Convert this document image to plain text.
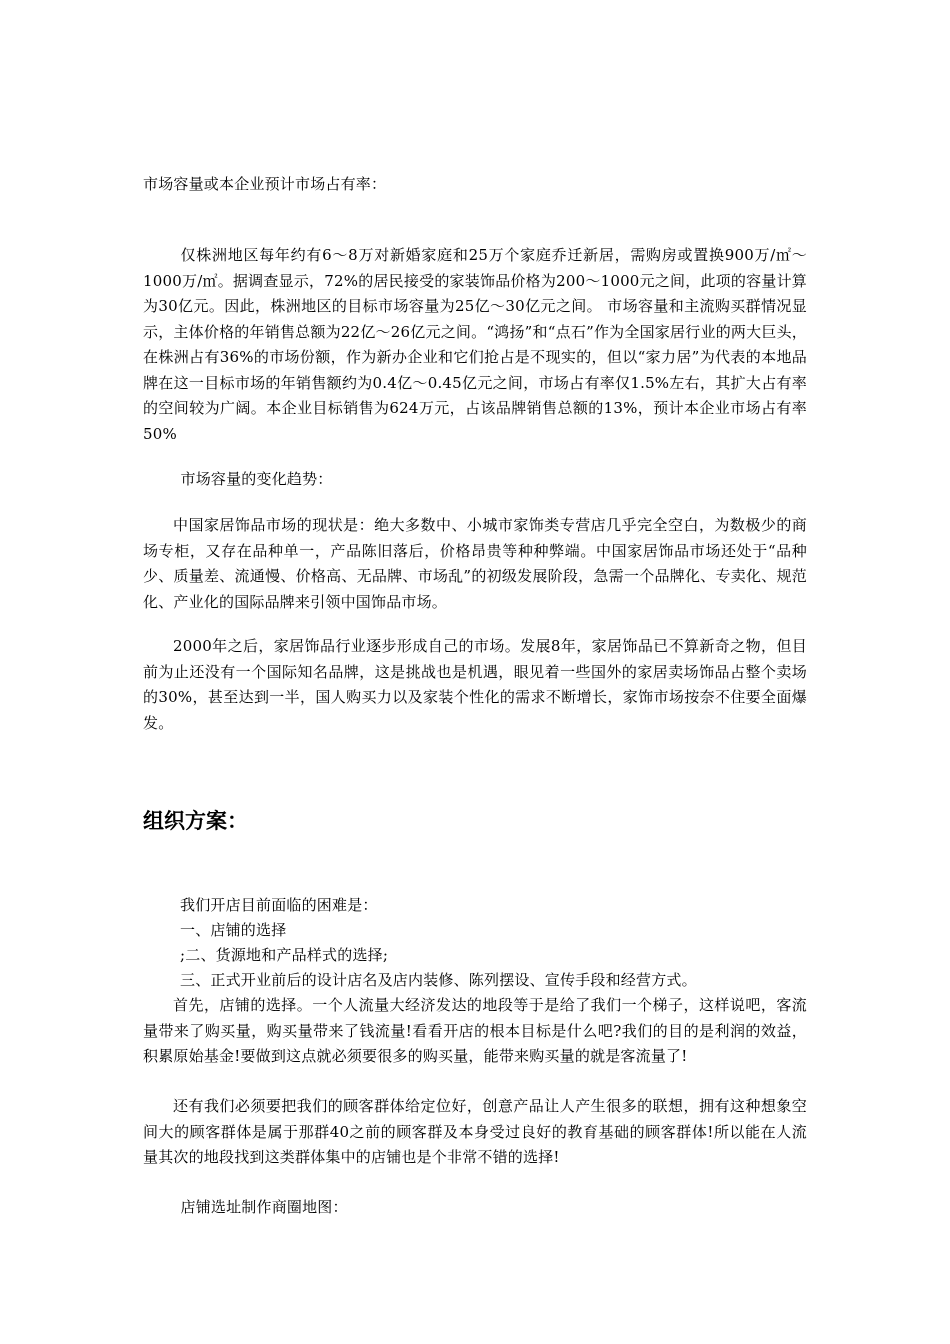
市场容量或本企业预计市场占有率：

仅株洲地区每年约有6～8万对新婚家庭和25万个家庭乔迁新居，需购房或置换900万/㎡～1000万/㎡。据调查显示，72%的居民接受的家装饰品价格为200～1000元之间，此项的容量计算为30亿元。因此，株洲地区的目标市场容量为25亿～30亿元之间。 市场容量和主流购买群情况显示，主体价格的年销售总额为22亿～26亿元之间。“鸿扬”和“点石”作为全国家居行业的两大巨头，在株洲占有36%的市场份额，作为新办企业和它们抢占是不现实的，但以“家力居”为代表的本地品牌在这一目标市场的年销售额约为0.4亿～0.45亿元之间，市场占有率仅1.5%左右，其扩大占有率的空间较为广阔。本企业目标销售为624万元，占该品牌销售总额的13%，预计本企业市场占有率50%

市场容量的变化趋势：

中国家居饰品市场的现状是：绝大多数中、小城市家饰类专营店几乎完全空白，为数极少的商场专柜，又存在品种单一，产品陈旧落后，价格昂贵等种种弊端。中国家居饰品市场还处于“品种少、质量差、流通慢、价格高、无品牌、市场乱”的初级发展阶段，急需一个品牌化、专卖化、规范化、产业化的国际品牌来引领中国饰品市场。

2000年之后，家居饰品行业逐步形成自己的市场。发展8年，家居饰品已不算新奇之物，但目前为止还没有一个国际知名品牌，这是挑战也是机遇，眼见着一些国外的家居卖场饰品占整个卖场的30%，甚至达到一半，国人购买力以及家装个性化的需求不断增长，家饰市场按奈不住要全面爆发。

组织方案：

我们开店目前面临的困难是：

一、店铺的选择

;二、货源地和产品样式的选择;

三、正式开业前后的设计店名及店内装修、陈列摆设、宣传手段和经营方式。

首先，店铺的选择。一个人流量大经济发达的地段等于是给了我们一个梯子，这样说吧，客流量带来了购买量，购买量带来了钱流量!看看开店的根本目标是什么吧?我们的目的是利润的效益，积累原始基金!要做到这点就必须要很多的购买量，能带来购买量的就是客流量了!

还有我们必须要把我们的顾客群体给定位好，创意产品让人产生很多的联想，拥有这种想象空间大的顾客群体是属于那群40之前的顾客群及本身受过良好的教育基础的顾客群体!所以能在人流量其次的地段找到这类群体集中的店铺也是个非常不错的选择!

店铺选址制作商圈地图：
